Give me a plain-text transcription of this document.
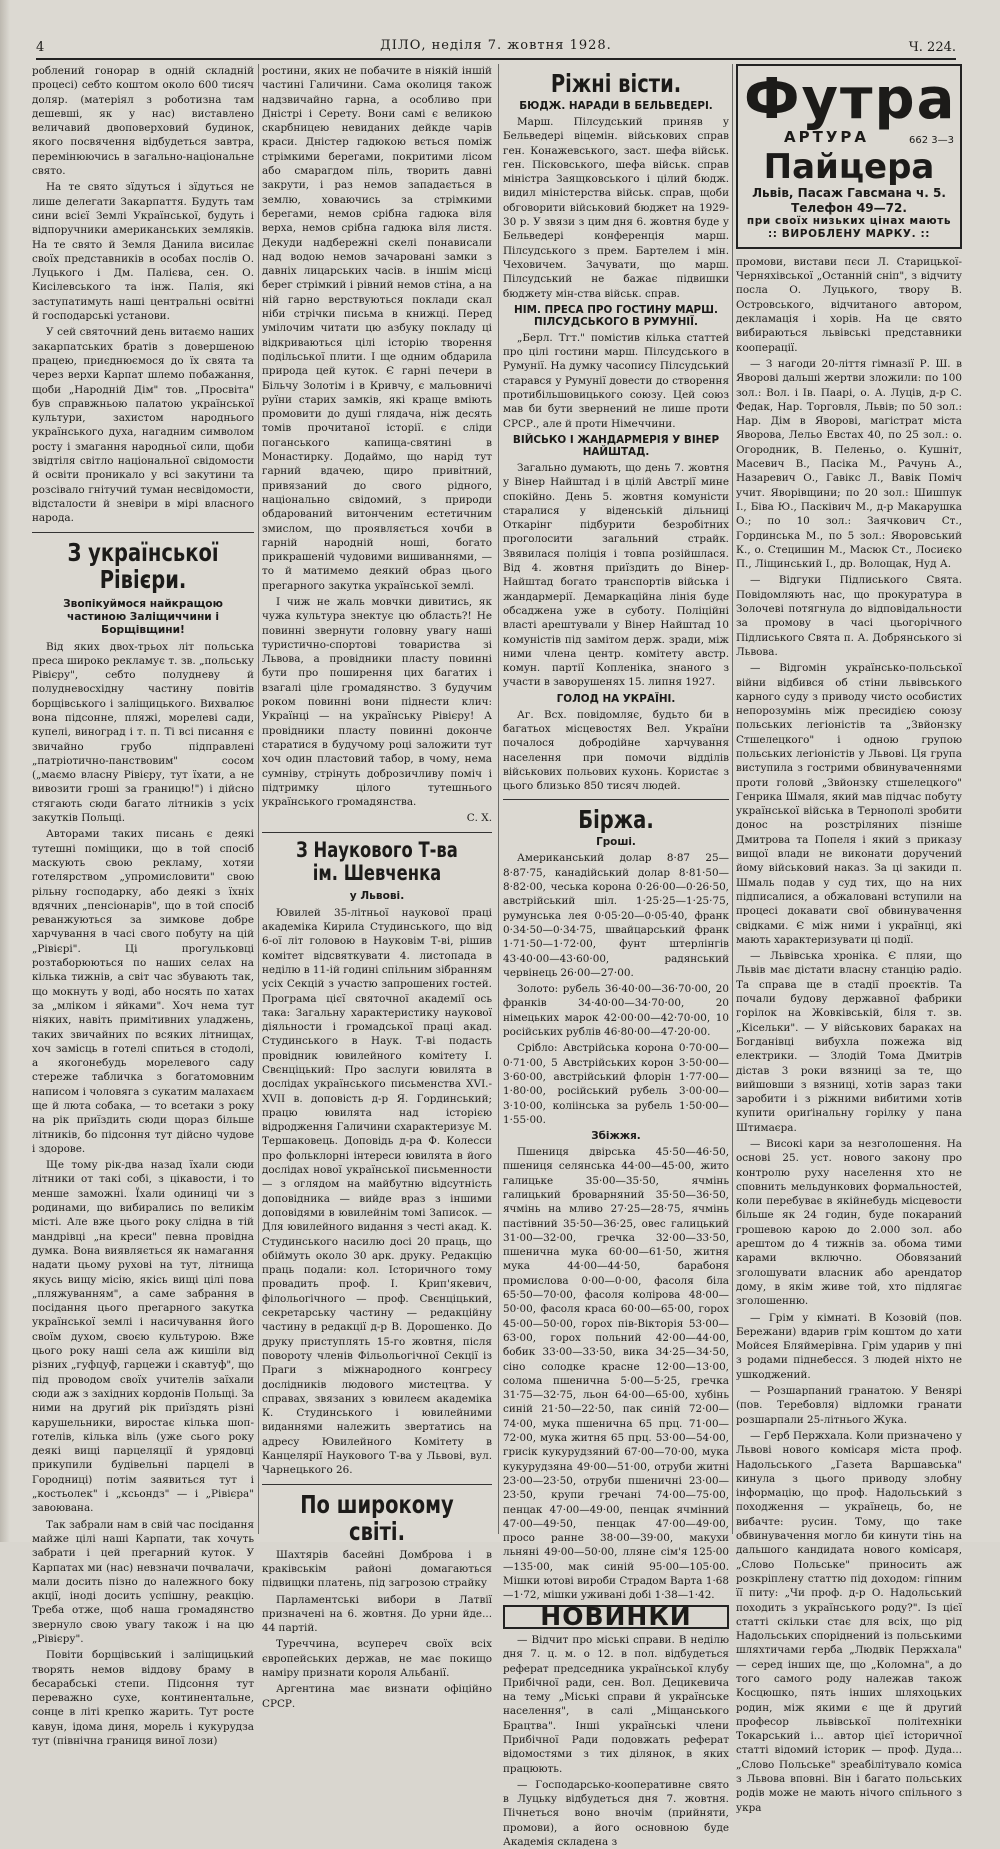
4	ДІЛО, неділя 7. жовтня 1928.	Ч. 224.

роблений гонорар в одній складній процесі) себто коштом около 600 тисяч доляр. (матеріял з роботизна там дешевші, як у нас) виставлено величавий двоповерховий будинок, якого посвячення відбудеться завтра, перемінюючись в загально-національне свято.

На те свято зїдуться і зїдуться не лише делегати Закарпаття. Будуть там сини всієї Землі Української, будуть і відпоручники американських земляків. На те свято й Земля Данила висилає своїх представників в особах послів О. Луцького і Дм. Палієва, сен. О. Кисілевського та інж. Палія, які заступатимуть наші центральні освітні й господарські установи.

У сей святочний день витаємо наших закарпатських братів з довершеною працею, приєднюємося до їх свята та через верхи Карпат шлемо побажання, щоби „Народній Дім" тов. „Просвіта" був справжньою палатою української культури, захистом народнього українського духа, нагадним символом росту і змагання народньої сили, щоби звідтіля світло національної свідомости й освіти проникало у всі закутини та розсівало гнітучий туман несвідомости, відсталости й зневіри в мірі власного народа.

З української Рівієри.
Звопікуймося найкращою частиною Заліщиччини і Борщівщини!

Від яких двох-трьох літ польська преса широко рекламує т. зв. „польську Рівієру", себто полудневу й полудневосхідну частину повітів борщівського і заліщицького. Вихвалює вона підсонне, пляжі, морелеві сади, купелі, виноград і т. п. Ті всі писання є звичайно грубо підправлені „патріотично-панствовим" сосом („маємо власну Рівієру, тут їхати, а не вивозити гроші за границю!") і дійсно стягають сюди багато літників з усіх закутків Польщі.

Авторами таких писань є деякі тутешні поміщики, що в той спосіб маскують свою рекламу, хотяи готелярством „упромисловити" свою рільну господарку, або деякі з їхніх вдячних „пенсіонарів", що в той спосіб реванжуються за зимкове добре харчування в часі свого побуту на цій „Рівієрі". Ці прогульковці розтаборюються по наших селах на кілька тижнів, а світ час збувають так, що мокнуть у воді, або носять по хатах за „мліком і яйками". Хоч нема тут ніяких, навіть примітивних уладжень, таких звичайних по всяких літнищах, хоч замісць в готелі спиться в стодолі, а якогонебудь морелевого саду стереже табличка з богатомовним написом і чоловяга з сукатим малахаєм ще й люта собака, — то всетаки з року на рік приїздить сюди щораз більше літників, бо підсоння тут дійсно чудове і здорове.

Ще тому рік-два назад їхали сюди літники от такі собі, з цікавости, і то менше заможні. Їхали одиниці чи з родинами, що вибирались по великім місті. Але вже цього року слідна в тій мандрівці „на креси" певна провідна думка. Вона виявляється як намагання надати цьому рухові на тут, літнища якусь вищу місію, якісь вищі цілі пова „пляжуванням", а саме забрання в посідання цього прегарного закутка української землі і насичування його своїм духом, своєю культурою. Вже цього року наші села аж кишіли від різних „гуфцуф, гарцежи і скавтуф", що під проводом своїх учителів заїхали сюди аж з західних кордонів Польщі. За ними на другий рік приїздять різні карушельники, виростає кілька шоп-готелів, кілька віль (уже сього року деякі вищі парцеляції й урядовці прикупили будівельні парцелі в Городниці) потім заявиться тут і „костьолек" і „ксьондз" — і „Рівієра" завоювана.

Так забрали нам в свій час посідання майже цілі наші Карпати, так хочуть забрати і цей прегарний куток. У Карпатах ми (нас) невзначи почвалачи, мали досить пізно до належного боку акції, іноді досить успішну, реакцію. Треба отже, щоб наша громадянство звернуло свою увагу також і на цю „Рівієру".

Повіти борщівський і заліщицький творять немов віддову браму в бесарабські степи. Підсоння тут переважно сухе, континентальне, сонце в літі крепко жарить. Тут росте кавун, ідома диня, морель і кукурудза тут (північна границя виної лози)

ростини, яких не побачите в ніякій іншій частині Галичини. Сама околиця також надзвичайно гарна, а особливо при Дністрі і Серету. Вони самі є великою скарбницею невиданих дейкде чарів краси. Дністер гадюкою вється поміж стрімкими берегами, покритими лісом або смарагдом піль, творить давні закрути, і раз немов западається в землю, ховаючись за стрімкими берегами, немов срібна гадюка віля верха, немов срібна гадюка віля листя. Декуди надбережні скелі понависали над водою немов зачаровані замки з давніх лицарських часів. в іншім місці берег стрімкий і рівний немов стіна, а на ній гарно верствуються поклади скал ніби стрічки письма в книжці. Перед умілочим читати цю азбуку покладу ці відкриваються цілі історію творення подільської плити. І ще одним обдарила природа цей куток. Є гарні печери в Більчу Золотім і в Кривчу, є мальовничі руїни старих замків, які краще вміють промовити до душі глядача, ніж десять томів прочитаної історії. є сліди поганського капища-святині в Монастирку. Додаймо, що нарід тут гарний вдачею, щиро привітний, привязаний до свого рідного, національно свідомий, з природи обдарований витонченим естетичним змислом, що проявляється хочби в гарній народній ноші, богато прикрашеній чудовими вишиваннями, — то й матимемо деякий образ цього прегарного закутка української землі.

І чиж не жаль мовчки дивитись, як чужа культура знектує цю область?! Не повинні звернути головну увагу наші туристично-спортові товариства зі Львова, а провідники пласту повинні бути про поширення цих багатих і взагалі ціле громадянство. З будучим роком повинні вони піднести клич: Українці — на українську Рівієру! А провідники пласту повинні доконче старатися в будучому році заложити тут хоч один пластовий табор, в чому, нема сумніву, стрінуть доброзичливу поміч і підтримку цілого тутешнього українського громадянства.

С. Х.

З Наукового Т-ва ім. Шевченка
у Львові.

Ювилей 35-літньої наукової праці академіка Кирила Студинського, що від 6-ої літ головою в Науковім Т-ві, рішив комітет відсвяткувати 4. листопада в неділю в 11-ій годині спільним зібранням усіх Секцій з участю запрошених гостей. Програма цієї святочної академії ось така: Загальну характеристику наукової діяльности і громадської праці акад. Студинського в Наук. Т-ві подасть провідник ювилейного комітету І. Свєнціцький: Про заслуги ювилята в дослідах українського письменства XVI.-XVII в. доповість д-р Я. Гординський; працю ювилята над історією відродження Галичини схарактеризує М. Тершаковець. Доповідь д-ра Ф. Колесси про фольклорні інтереси ювилята в його дослідах нової української письменности — з оглядом на майбутню відсутність доповідника — вийде враз з іншими доповідями в ювилейнім томі Записок. — Для ювилейного видання з честі акад. К. Студинського насилю досі 20 праць, що обіймуть около 30 арк. друку. Редакцію праць подали: кол. Історичного тому провадить проф. І. Крип'якевич, філольогічного — проф. Свєнціцький, секретарську частину — редакційну частину в редакції д-р В. Дорошенко. До друку приступлять 15-го жовтня, після повороту членів Фільольогічної Секції із Праги з міжнародного конгресу дослідників людового мистецтва. У справах, звязаних з ювилеєм академіка К. Студинського і ювилейними виданнями належить звертатись на адресу Ювилейного Комітету в Канцелярії Наукового Т-ва у Львові, вул. Чарнецького 26.

По широкому світі.

Шахтярів басейні Домброва і в краківськім районі домагаються підвищки платень, під загрозою страйку

Парламентські вибори в Латвії призначені на 6. жовтня. До урни йде... 44 партій.

Туреччина, всупереч своїх всіх європейських держав, не має покищо наміру признати короля Альбанії.

Аргентина має визнати офіційно СРСР.

Ріжні вісти.
БЮДЖ. НАРАДИ В БЕЛЬВЕДЕРІ.

Марш. Пілсудський приняв у Бельведері віцемін. військових справ ген. Конажевського, заст. шефа військ. ген. Пісковського, шефа військ. справ міністра Заящковського і цілий бюдж. видил міністерства військ. справ, щоби обговорити військовий бюджет на 1929-30 р. У звязи з цим дня 6. жовтня буде у Бельведері конференція марш. Пілсудського з прем. Бартелем і мін. Чеховичем. Зачувати, що марш. Пілсудський не бажає підвишки бюджету мін-ства військ. справ.

НІМ. ПРЕСА ПРО ГОСТИНУ МАРШ. ПІЛСУДСЬКОГО В РУМУНІЇ.

„Берл. Тгт." помістив кілька статтей про цілі гостини марш. Пілсудського в Румунії. На думку часопису Пілсудський старався у Румунії довести до створення протибільшовицького союзу. Цей союз мав би бути звернений не лише проти СРСР., але й проти Німеччини.

ВІЙСЬКО І ЖАНДАРМЕРІЯ У ВІНЕР НАЙШТАД.

Загально думають, що день 7. жовтня у Вінер Найштад і в цілій Австрії мине спокійно. День 5. жовтня комуністи старалися у віденській дільниці Откарінг підбурити безробітних проголосити загальний страйк. Звявилася поліція і товпа розійшлася. Від 4. жовтня приїздить до Вінер-Найштад богато транспортів війська і жандармерії. Демаркаційна лінія буде обсаджена уже в суботу. Поліційні власті арештували у Вінер Найштад 10 комуністів під замітом держ. зради, між ними члена центр. комітету австр. комун. партії Копленіка, знаного з участи в заворушенях 15. липня 1927.

ГОЛОД НА УКРАЇНІ.

Аг. Всх. повідомляє, будьто би в багатьох місцевостях Вел. України почалося добродійне харчування населення при помочи відділів військових польових кухонь. Користає з цього близько 850 тисяч людей.

Біржа.
Гроші.

Американський долар 8·87 25—8·87·75, канадійський долар 8·81·50—8·82·00, чеська корона 0·26·00—0·26·50, австрійський шіл. 1·25·25—1·25·75, румунська лея 0·05·20—0·05·40, франк 0·34·50—0·34·75, швайцарський франк 1·71·50—1·72·00, фунт штерлінгів 43·40·00—43·60·00, радянський червінець 26·00—27·00.

Золото: рубель 36·40·00—36·70·00, 20 франків 34·40·00—34·70·00, 20 німецьких марок 42·00·00—42·70·00, 10 російських рублів 46·80·00—47·20·00.

Срібло: Австрійська корона 0·70·00—0·71·00, 5 Австрійських корон 3·50·00—3·60·00, австрійський флорін 1·77·00—1·80·00, російський рубель 3·00·00—3·10·00, коліінська за рубель 1·50·00—1·55·00.

Збіжжя.

Пшениця двірська 45·50—46·50, пшениця селянська 44·00—45·00, жито галицьке 35·00—35·50, ячмінь галицький броварняний 35·50—36·50, ячмінь на мливо 27·25—28·75, ячмінь пастівний 35·50—36·25, овес галицький 31·00—32·00, гречка 32·00—33·50, пшенична мука 60·00—61·50, житня мука 44·00—44·50, барабоня промислова 0·00—0·00, фасоля біла 65·50—70·00, фасоля колірова 48·00—50·00, фасоля краса 60·00—65·00, горох 45·00—50·00, горох пів-Вікторія 53·00—63·00, горох польний 42·00—44·00, бобик 33·00—33·50, вика 34·25—34·50, сіно солодке красне 12·00—13·00, солома пшенична 5·00—5·25, гречка 31·75—32·75, льон 64·00—65·00, хубінь синій 21·50—22·50, пак синій 72·00—74·00, мука пшенична 65 прц. 71·00—72·00, мука житня 65 прц. 53·00—54·00, грисік кукурудзяний 67·00—70·00, мука кукурудзяна 49·00—51·00, отруби житні 23·00—23·50, отруби пшеничні 23·00—23·50, крупи гречані 74·00—75·00, пенцак 47·00—49·00, пенцак ячмінний 47·00—49·50, пенцак 47·00—49·00, просо ранне 38·00—39·00, макухи льняні 49·00—50·00, лляне сім'я 125·00—135·00, мак синій 95·00—105·00. Мішки ютові вироби Страдом Варта 1·68—1·72, мішки уживані добі 1·38—1·42.

НОВИНКИ

— Відчит про міські справи. В неділю дня 7. ц. м. о 12. в пол. відбудеться реферат председника української клубу Прибічної ради, сен. Вол. Децикевича на тему „Міські справи й українське населення", в салі „Міщанського Брацтва". Інші українські члени Прибічної Ради подовжать реферат відомостями з тих ділянок, в яких працюють.

— Господарсько-кооперативне свято в Луцьку відбудеться дня 7. жовтня. Пічнеться воно вночім (прийняти, промови), а його основною буде Академія складена з

Футра
662 3—3
АРТУРА
Пайцера
Львів, Пасаж Гавсмана ч. 5.
Телефон 49—72.
при своїх низьких цінах мають :: ВИРОБЛЕНУ МАРКУ. ::

промови, вистави пєси Л. Старицької-Черняхівської „Останній сніп", з відчиту посла О. Луцького, твору В. Островського, відчитаного автором, декламація і хорів. На це свято вибираються львівські представники кооперації.

— З нагоди 20-ліття гімназії Р. Ш. в Яворові дальші жертви зложили: по 100 зол.: Вол. і Ів. Паарі, о. А. Луців, д-р С. Федак, Нар. Торговля, Львів; по 50 зол.: Нар. Дім в Яворові, магістрат міста Яворова, Лельо Евстах 40, по 25 зол.: о. Огородник, В. Пеленьо, о. Кушніт, Масевич В., Пасіка М., Рачунь А., Назаревич О., Гавікс Л., Вавік Поміч учит. Яворівщини; по 20 зол.: Шишпук І., Біва Ю., Пасківич М., д-р Макарушка О.; по 10 зол.: Заячкович Ст., Гординська М., по 5 зол.: Яворовський К., о. Стецишин М., Масюк Ст., Лосиєко П., Ліщинський І., др. Волощак, Нуд А.

— Відгуки Підлиського Свята. Повідомляють нас, що прокуратура в Золочеві потягнула до відповідальности за промову в часі цьогорічного Підлиського Свята п. А. Добрянського зі Львова.

— Відгомін українсько-польської війни відбився об стіни львівського карного суду з приводу чисто особистих непорозумінь між пресидією союзу польських легіоністів та „Звйонзку Стшелецкого" і одною групою польських легіоністів у Львові. Ця група виступила з гострими обвинуваченнями проти головй „Звйонзку стшелецкого" Генрика Шмаля, який мав підчас побуту української війська в Тернополі зробити донос на розстріляних пізніше Дмитрова та Попеля і який з приказу вищої влади не виконати доручений йому військовий наказ. За ці закиди п. Шмаль подав у суд тих, що на них підписалися, а обжаловані вступили на процесі докавати свої обвинувачення свідками. Є між ними і українці, які мають характеризувати ці події.

— Львівська хроніка. Є пляи, що Львів має дістати власну станцію радіо. Та справа ще в стадії проєктів. Та почали будову державної фабрики горілок на Жовківській, біля т. зв. „Кісельки". — У військових бараках на Богданівці вибухла пожежа від електрики. — Злодій Тома Дмитрів дістав 3 роки вязниці за те, що вийшовши з вязниці, хотів зараз таки заробити і з ріжними вибитими хотів купити ориґінальну горілку у пана Штимаєра.

— Високі кари за незголошення. На основі 25. уст. нового закону про контролю руху населення хто не сповнить мельдункових формальностей, коли перебуває в якійнебудь місцевости більше як 24 годин, буде покараний грошевою карою до 2.000 зол. або арештом до 4 тижнів за. обома тими карами включно. Обовязаний зголошувати власник або арендатор дому, в якім живе той, хто підлягає зголошенню.

— Грім у кімнаті. В Козовій (пов. Бережани) вдарив грім коштом до хати Мойсея Бляймерівна. Грім ударив у пні з родами піднебесся. З людей ніхто не ушкоджений.

— Розшарпаний гранатою. У Венярі (пов. Теребовля) відломки гранати розшарпали 25-літнього Жука.

— Герб Пержхала. Коли призначено у Львові нового комісаря міста проф. Надольського „Газета Варшавська" кинула з цього приводу злобну інформацію, що проф. Надольський з походження — українець, бо, не вибачте: русин. Тому, що таке обвинувачення могло би кинути тінь на дальшого кандидата нового комісаря, „Слово Польське" приносить аж розкріплену статтю під доходом: гіпним її питу: „Чи проф. д-р О. Надольський походить з українського роду?". Із цієї статті скільки стає для всіх, що рід Надольських споріднений із польськими шляхтичами герба „Людвік Пержхала" — серед інших ще, що „Коломна", a до того самого роду належав також Косцюшко, пять інших шляхоцьких родин, між якими є ще й другий професор львівської політехніки Токарський і... автор цієї історичної статті відомий історик — проф. Дуда... „Слово Польське" зреабілітувало коміса з Львова вповні. Він і багато польських родів може не мають нічого спільного з укра
